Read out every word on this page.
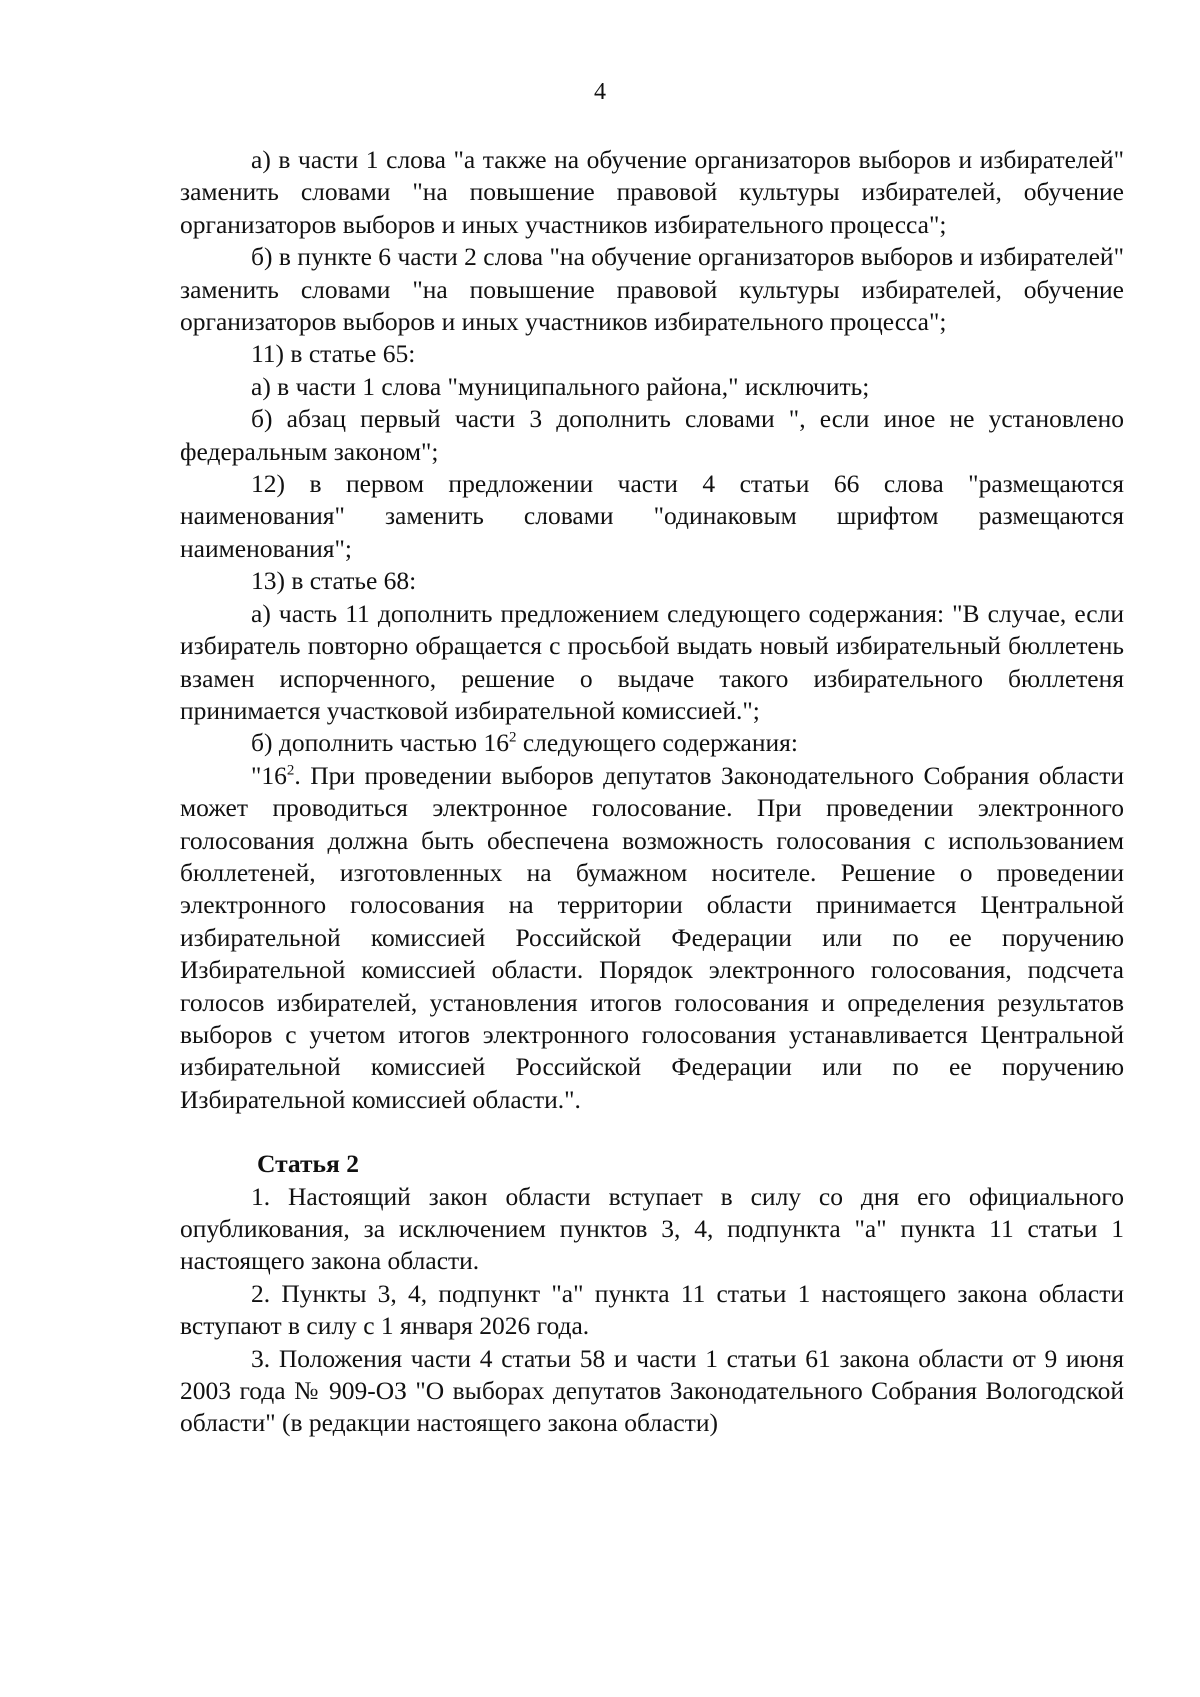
4

а) в части 1 слова "а также на обучение организаторов выборов и избирателей" заменить словами "на повышение правовой культуры избирателей, обучение организаторов выборов и иных участников избирательного процесса";

б) в пункте 6 части 2 слова "на обучение организаторов выборов и избирателей" заменить словами "на повышение правовой культуры избирателей, обучение организаторов выборов и иных участников избирательного процесса";

11) в статье 65:

а) в части 1 слова "муниципального района," исключить;

б) абзац первый части 3 дополнить словами ", если иное не установлено федеральным законом";

12) в первом предложении части 4 статьи 66 слова "размещаются наименования" заменить словами "одинаковым шрифтом размещаются наименования";

13) в статье 68:

а) часть 11 дополнить предложением следующего содержания: "В случае, если избиратель повторно обращается с просьбой выдать новый избирательный бюллетень взамен испорченного, решение о выдаче такого избирательного бюллетеня принимается участковой избирательной комиссией.";

б) дополнить частью $16^2$ следующего содержания:

"$16^2$. При проведении выборов депутатов Законодательного Собрания области может проводиться электронное голосование. При проведении электронного голосования должна быть обеспечена возможность голосования с использованием бюллетеней, изготовленных на бумажном носителе. Решение о проведении электронного голосования на территории области принимается Центральной избирательной комиссией Российской Федерации или по ее поручению Избирательной комиссией области. Порядок электронного голосования, подсчета голосов избирателей, установления итогов голосования и определения результатов выборов с учетом итогов электронного голосования устанавливается Центральной избирательной комиссией Российской Федерации или по ее поручению Избирательной комиссией области.".

Статья 2

1. Настоящий закон области вступает в силу со дня его официального опубликования, за исключением пунктов 3, 4, подпункта "а" пункта 11 статьи 1 настоящего закона области.

2. Пункты 3, 4, подпункт "а" пункта 11 статьи 1 настоящего закона области вступают в силу с 1 января 2026 года.

3. Положения части 4 статьи 58 и части 1 статьи 61 закона области от 9 июня 2003 года № 909-ОЗ "О выборах депутатов Законодательного Собрания Вологодской области" (в редакции настоящего закона области)
